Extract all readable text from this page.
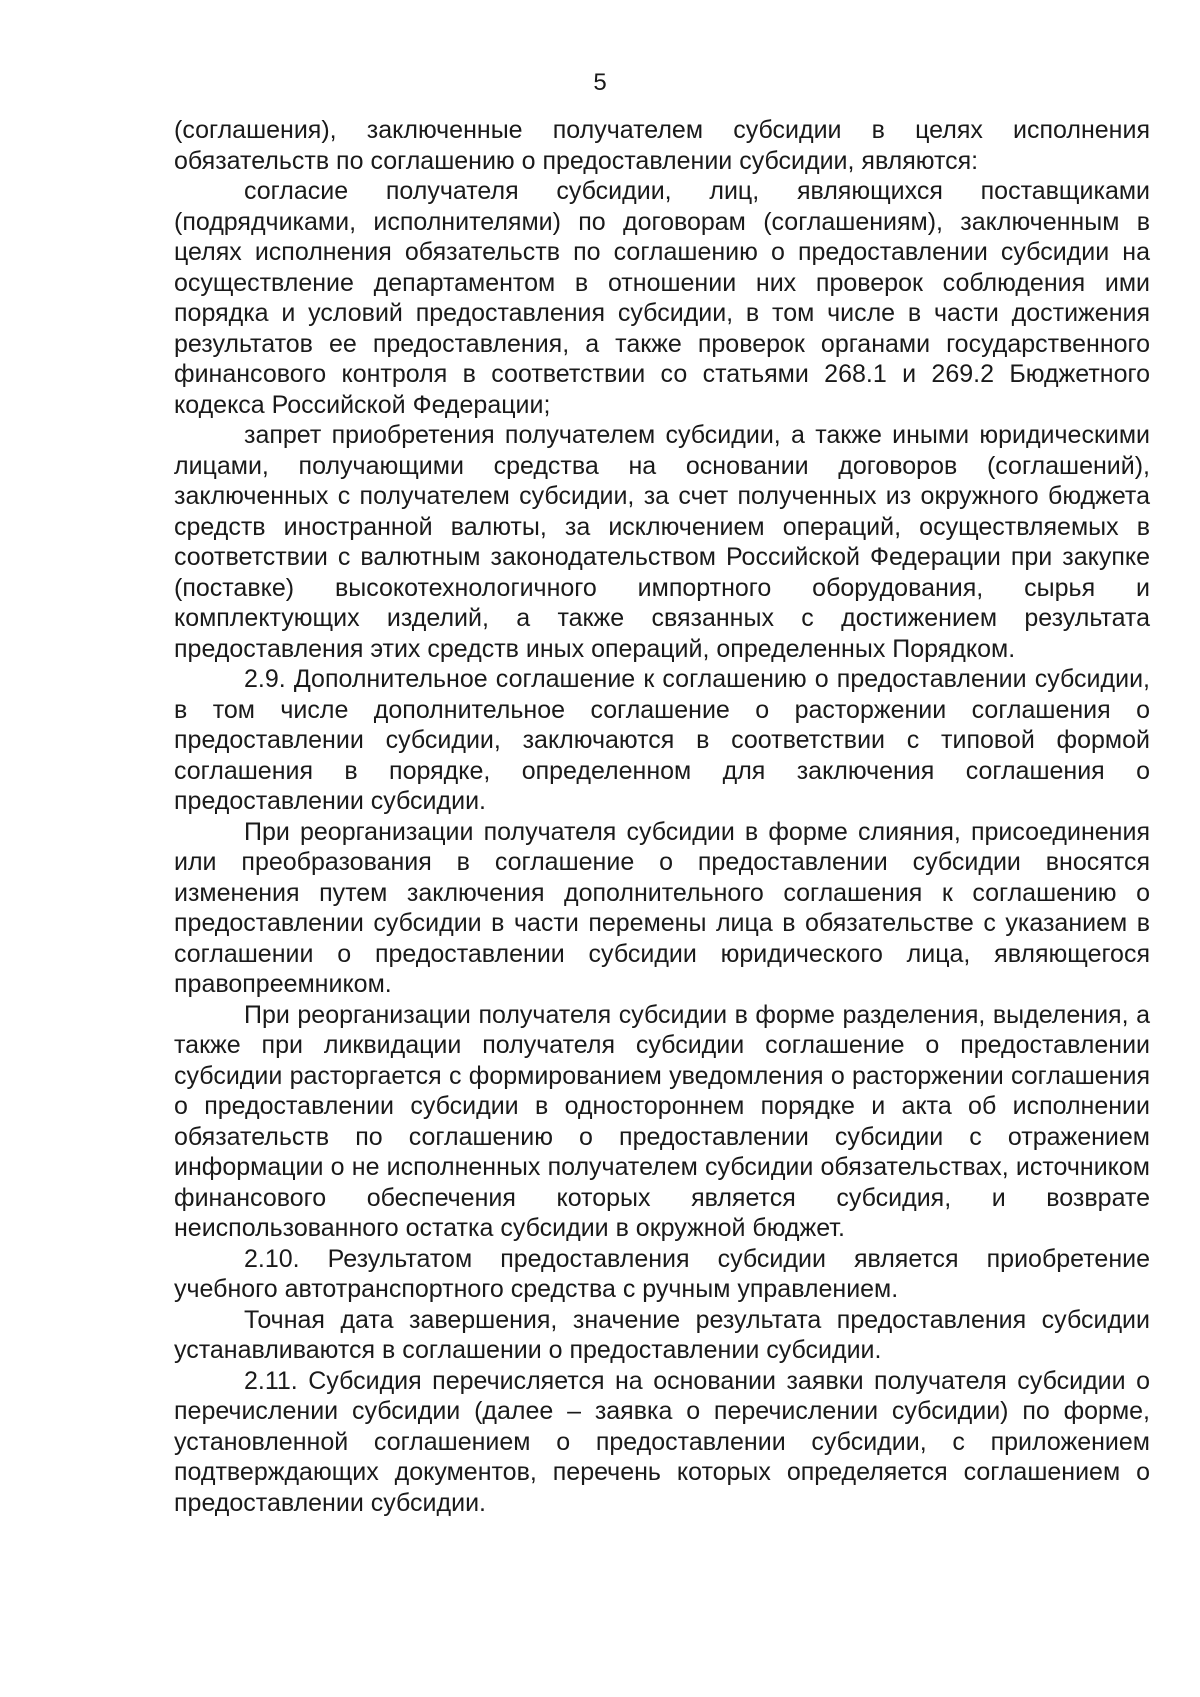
5

(соглашения), заключенные получателем субсидии в целях исполнения обязательств по соглашению о предоставлении субсидии, являются:

согласие получателя субсидии, лиц, являющихся поставщиками (подрядчиками, исполнителями) по договорам (соглашениям), заключенным в целях исполнения обязательств по соглашению о предоставлении субсидии на осуществление департаментом в отношении них проверок соблюдения ими порядка и условий предоставления субсидии, в том числе в части достижения результатов ее предоставления, а также проверок органами государственного финансового контроля в соответствии со статьями 268.1 и 269.2 Бюджетного кодекса Российской Федерации;

запрет приобретения получателем субсидии, а также иными юридическими лицами, получающими средства на основании договоров (соглашений), заключенных с получателем субсидии, за счет полученных из окружного бюджета средств иностранной валюты, за исключением операций, осуществляемых в соответствии с валютным законодательством Российской Федерации при закупке (поставке) высокотехнологичного импортного оборудования, сырья и комплектующих изделий, а также связанных с достижением результата предоставления этих средств иных операций, определенных Порядком.

2.9. Дополнительное соглашение к соглашению о предоставлении субсидии, в том числе дополнительное соглашение о расторжении соглашения о предоставлении субсидии, заключаются в соответствии с типовой формой соглашения в порядке, определенном для заключения соглашения о предоставлении субсидии.

При реорганизации получателя субсидии в форме слияния, присоединения или преобразования в соглашение о предоставлении субсидии вносятся изменения путем заключения дополнительного соглашения к соглашению о предоставлении субсидии в части перемены лица в обязательстве с указанием в соглашении о предоставлении субсидии юридического лица, являющегося правопреемником.

При реорганизации получателя субсидии в форме разделения, выделения, а также при ликвидации получателя субсидии соглашение о предоставлении субсидии расторгается с формированием уведомления о расторжении соглашения о предоставлении субсидии в одностороннем порядке и акта об исполнении обязательств по соглашению о предоставлении субсидии с отражением информации о не исполненных получателем субсидии обязательствах, источником финансового обеспечения которых является субсидия, и возврате неиспользованного остатка субсидии в окружной бюджет.

2.10. Результатом предоставления субсидии является приобретение учебного автотранспортного средства с ручным управлением.

Точная дата завершения, значение результата предоставления субсидии устанавливаются в соглашении о предоставлении субсидии.

2.11. Субсидия перечисляется на основании заявки получателя субсидии о перечислении субсидии (далее – заявка о перечислении субсидии) по форме, установленной соглашением о предоставлении субсидии, с приложением подтверждающих документов, перечень которых определяется соглашением о предоставлении субсидии.
